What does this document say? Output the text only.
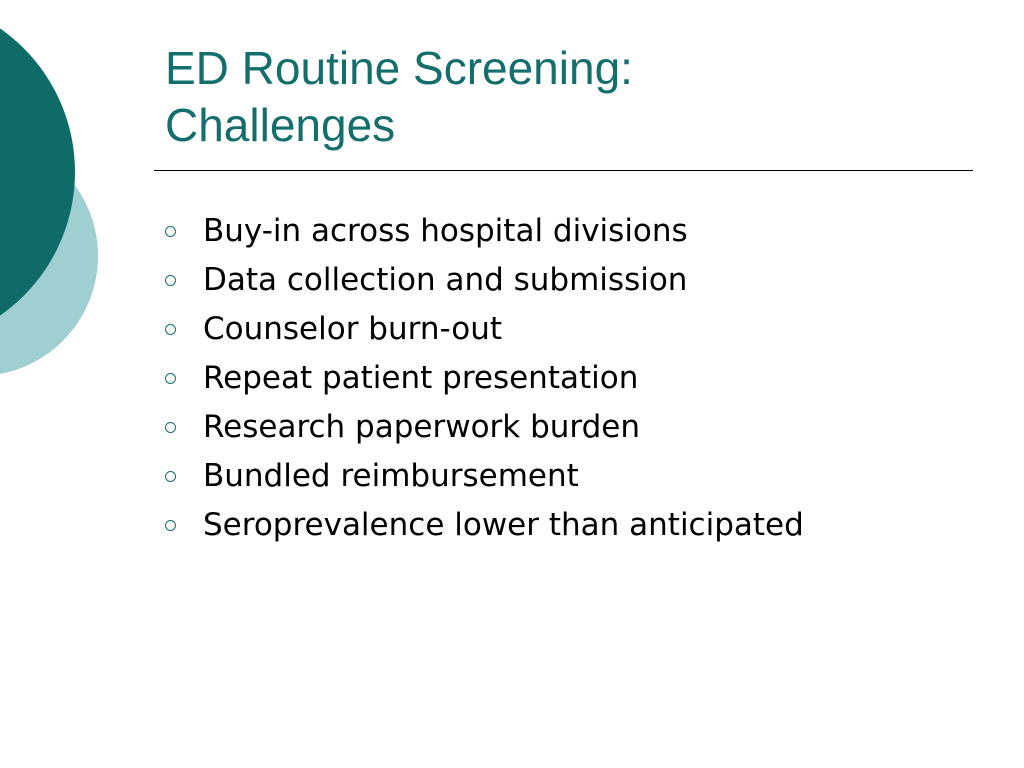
ED Routine Screening:
Challenges
Buy-in across hospital divisions
Data collection and submission
Counselor burn-out
Repeat patient presentation
Research paperwork burden
Bundled reimbursement
Seroprevalence lower than anticipated
